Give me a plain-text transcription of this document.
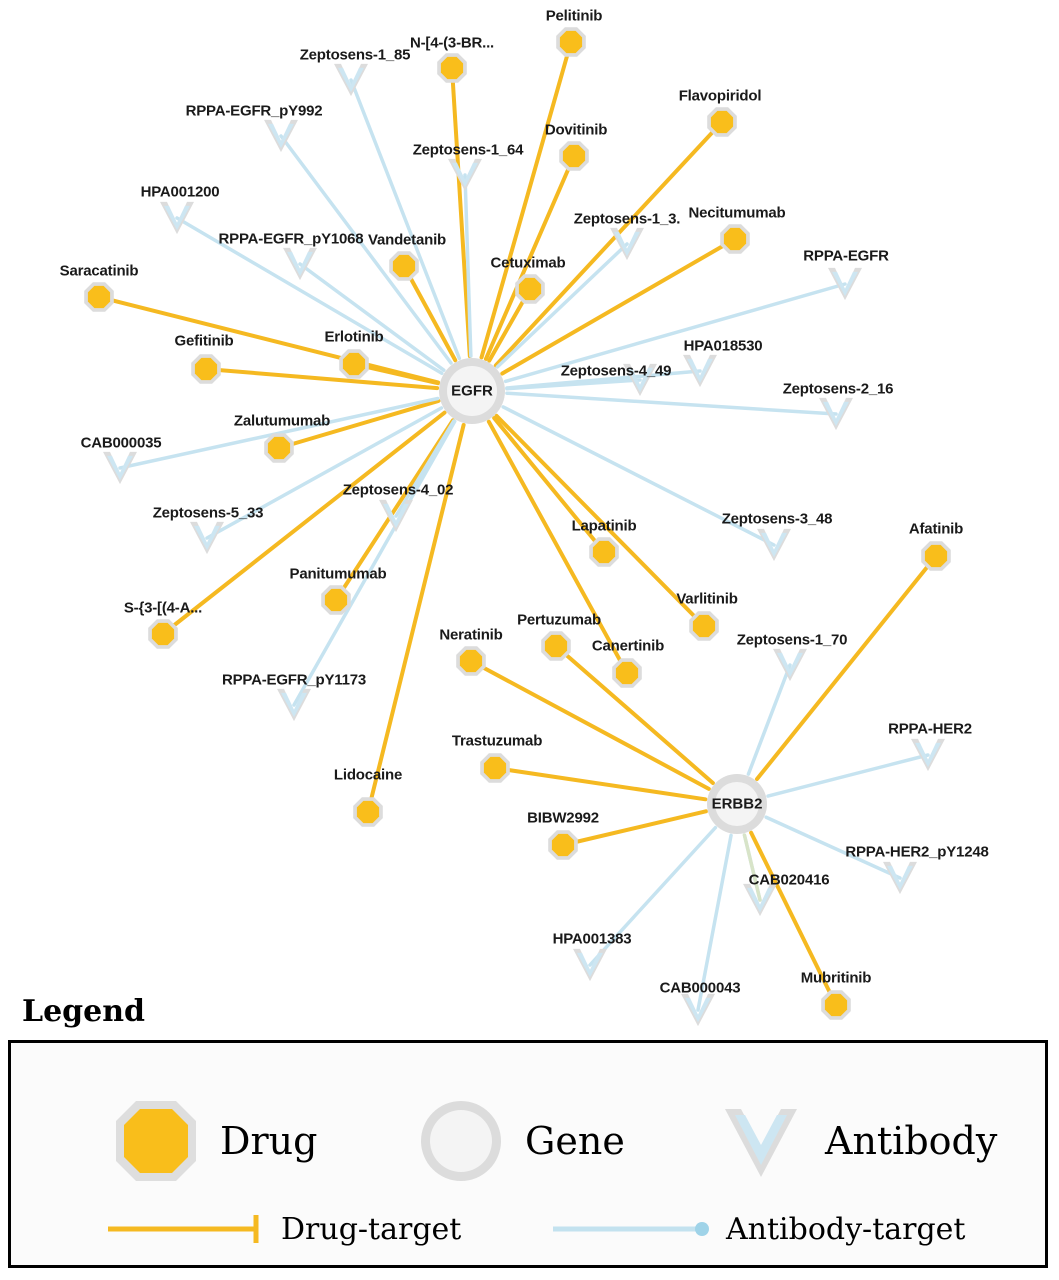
Pelitinib
N-[4-(3-BR...
Flavopiridol
Dovitinib
Necitumumab
Vandetanib
Cetuximab
Saracatinib
Erlotinib
Gefitinib
Zalutumumab
Afatinib
Lapatinib
Varlitinib
Panitumumab
S-{3-[(4-A...
Pertuzumab
Canertinib
Neratinib
Trastuzumab
Lidocaine
BIBW2992
Mubritinib
Zeptosens-1_85
RPPA-EGFR_pY992
Zeptosens-1_64
HPA001200
Zeptosens-1_3.
RPPA-EGFR_pY1068
RPPA-EGFR
HPA018530
Zeptosens-4_49
Zeptosens-2_16
CAB000035
Zeptosens-4_02
Zeptosens-5_33	Zeptosens-3_48
Zeptosens-1_70
RPPA-EGFR_pY1173
RPPA-HER2
RPPA-HER2_pY1248
CAB020416
HPA001383
CAB000043
EGFR
ERBB2
Legend
Drug	Gene	Antibody
Drug-target	Antibody-target
